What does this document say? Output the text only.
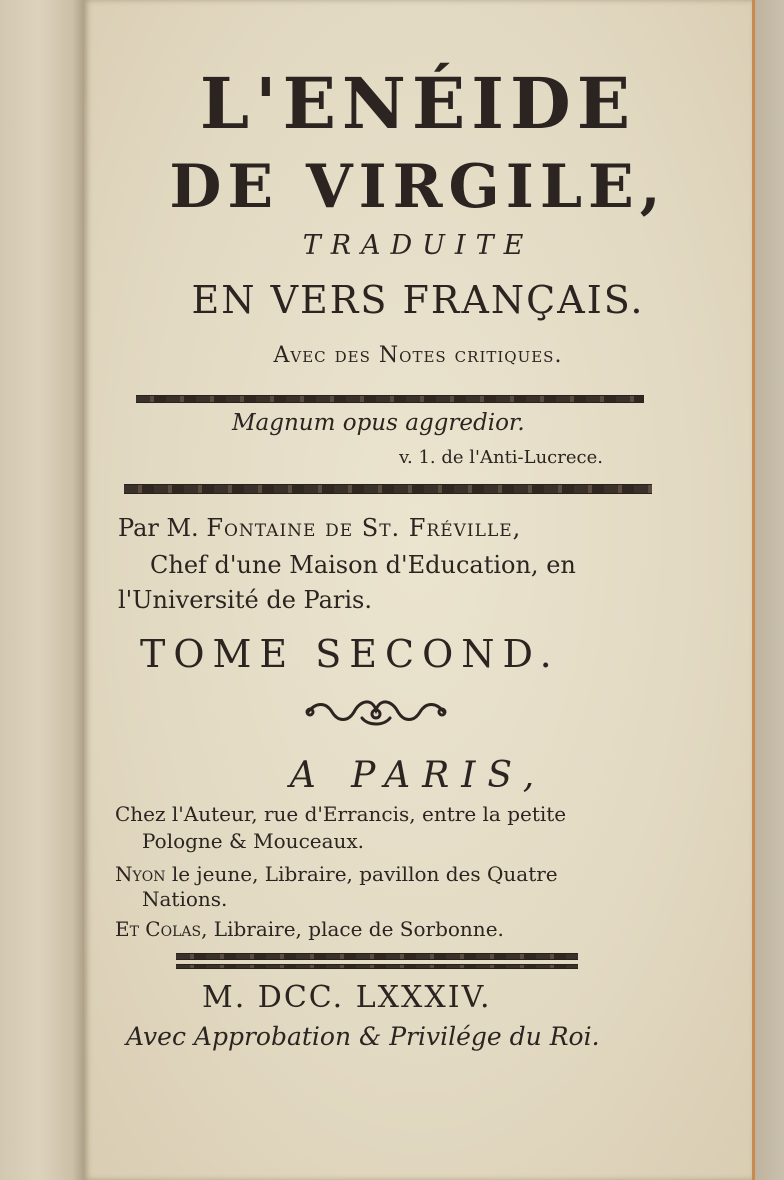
L'ENÉIDE

DE VIRGILE,

TRADUITE

EN VERS FRANÇAIS.

Avec des Notes critiques.

Magnum opus aggredior.

v. 1. de l'Anti-Lucrece.

Par M. Fontaine de St. Fréville,

Chef d'une Maison d'Education, en

l'Université de Paris.

TOME SECOND.

A PARIS,

Chez l'Auteur, rue d'Errancis, entre la petite

Pologne & Mouceaux.

Nyon le jeune, Libraire, pavillon des Quatre

Nations.

Et Colas, Libraire, place de Sorbonne.

M. DCC. LXXXIV.

Avec Approbation & Privilége du Roi.
